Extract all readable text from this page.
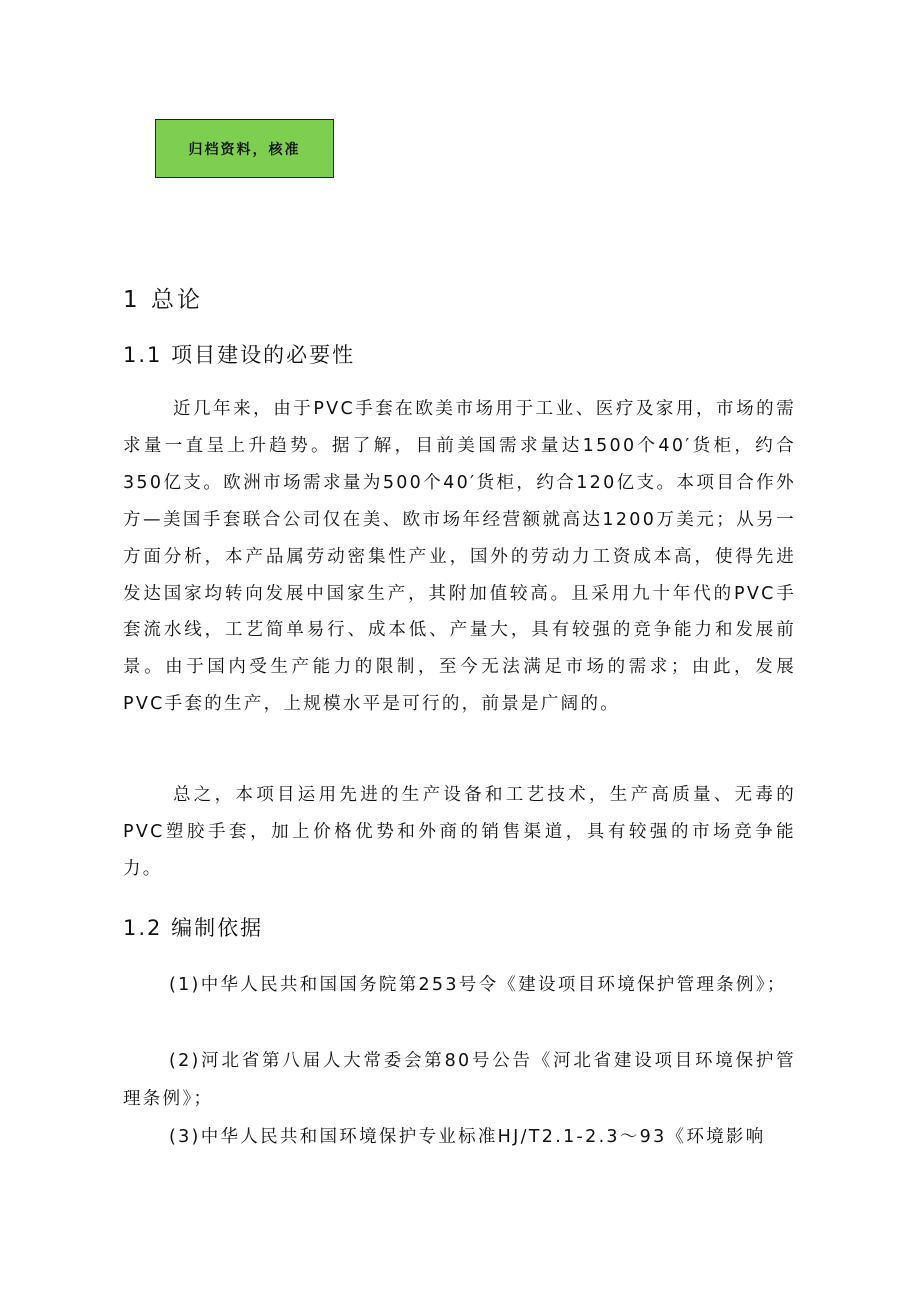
归档资料，核准
1 总论
1.1 项目建设的必要性

近几年来，由于PVC手套在欧美市场用于工业、医疗及家用，市场的需求量一直呈上升趋势。据了解，目前美国需求量达1500个40′货柜，约合350亿支。欧洲市场需求量为500个40′货柜，约合120亿支。本项目合作外方—美国手套联合公司仅在美、欧市场年经营额就高达1200万美元；从另一方面分析，本产品属劳动密集性产业，国外的劳动力工资成本高，使得先进发达国家均转向发展中国家生产，其附加值较高。且采用九十年代的PVC手套流水线，工艺简单易行、成本低、产量大，具有较强的竞争能力和发展前景。由于国内受生产能力的限制，至今无法满足市场的需求；由此，发展PVC手套的生产，上规模水平是可行的，前景是广阔的。

总之，本项目运用先进的生产设备和工艺技术，生产高质量、无毒的PVC塑胶手套，加上价格优势和外商的销售渠道，具有较强的市场竞争能力。

1.2 编制依据

(1)中华人民共和国国务院第253号令《建设项目环境保护管理条例》；

(2)河北省第八届人大常委会第80号公告《河北省建设项目环境保护管理条例》；

(3)中华人民共和国环境保护专业标准HJ/T2.1-2.3～93《环境影响
